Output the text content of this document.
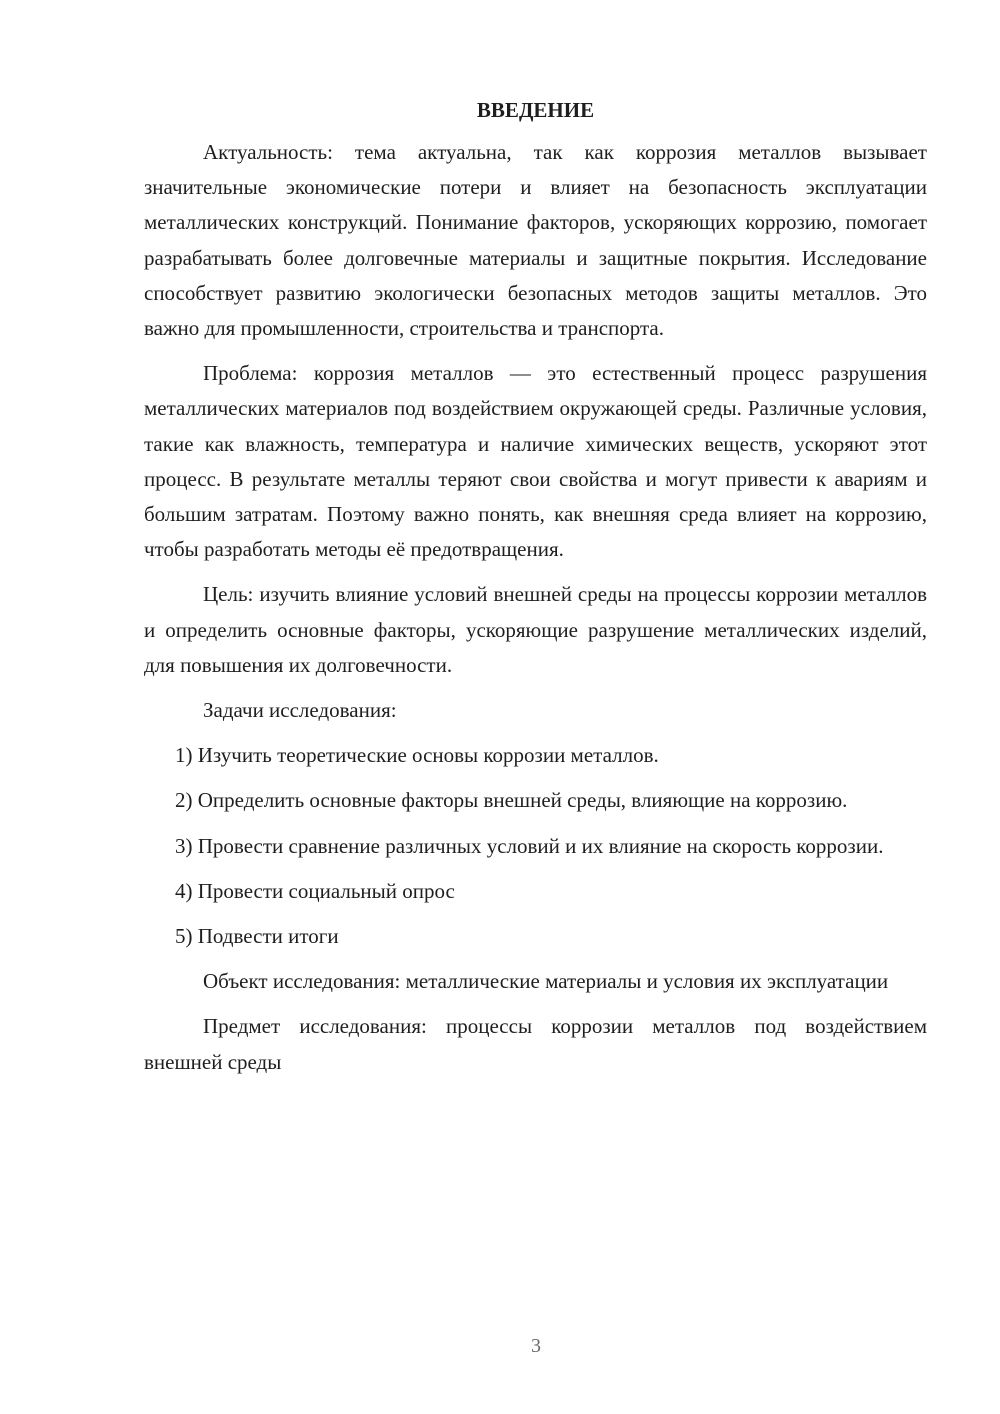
ВВЕДЕНИЕ

Актуальность: тема актуальна, так как коррозия металлов вызывает значительные экономические потери и влияет на безопасность эксплуатации металлических конструкций. Понимание факторов, ускоряющих коррозию, помогает разрабатывать более долговечные материалы и защитные покрытия. Исследование способствует развитию экологически безопасных методов защиты металлов. Это важно для промышленности, строительства и транспорта.

Проблема: коррозия металлов — это естественный процесс разрушения металлических материалов под воздействием окружающей среды. Различные условия, такие как влажность, температура и наличие химических веществ, ускоряют этот процесс. В результате металлы теряют свои свойства и могут привести к авариям и большим затратам. Поэтому важно понять, как внешняя среда влияет на коррозию, чтобы разработать методы её предотвращения.

Цель: изучить влияние условий внешней среды на процессы коррозии металлов и определить основные факторы, ускоряющие разрушение металлических изделий, для повышения их долговечности.

Задачи исследования:

1) Изучить теоретические основы коррозии металлов.

2) Определить основные факторы внешней среды, влияющие на коррозию.

3) Провести сравнение различных условий и их влияние на скорость коррозии.

4) Провести социальный опрос

5) Подвести итоги

Объект исследования: металлические материалы и условия их эксплуатации

Предмет исследования: процессы коррозии металлов под воздействием внешней среды

3
